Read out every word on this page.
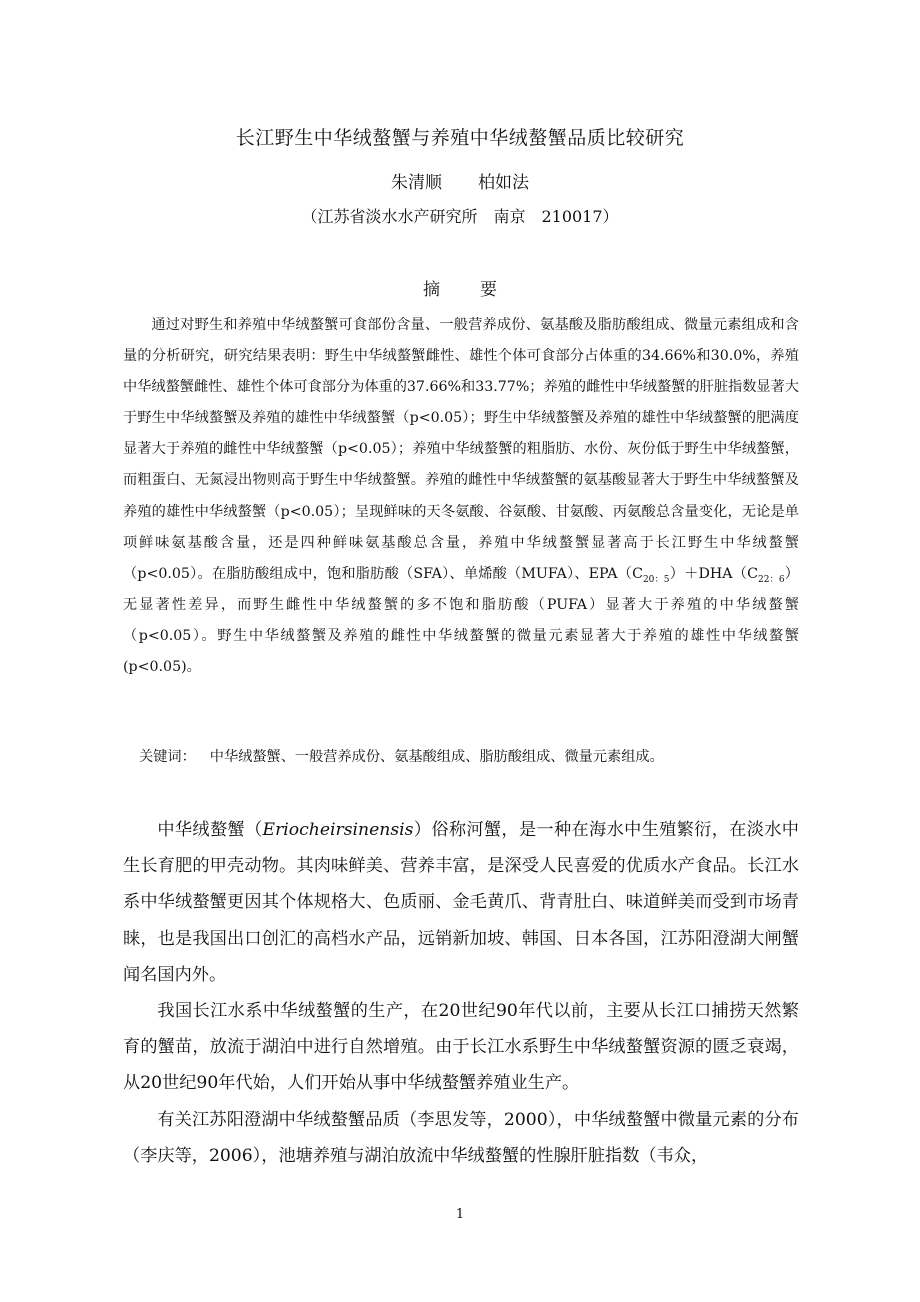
长江野生中华绒螯蟹与养殖中华绒螯蟹品质比较研究
朱清顺 柏如法
（江苏省淡水水产研究所　南京　210017）
摘要

通过对野生和养殖中华绒螯蟹可食部份含量、一般营养成份、氨基酸及脂肪酸组成、微量元素组成和含量的分析研究，研究结果表明：野生中华绒螯蟹雌性、雄性个体可食部分占体重的34.66%和30.0%，养殖中华绒螯蟹雌性、雄性个体可食部分为体重的37.66%和33.77%；养殖的雌性中华绒螯蟹的肝脏指数显著大于野生中华绒螯蟹及养殖的雄性中华绒螯蟹（p<0.05）；野生中华绒螯蟹及养殖的雄性中华绒螯蟹的肥满度显著大于养殖的雌性中华绒螯蟹（p<0.05）；养殖中华绒螯蟹的粗脂肪、水份、灰份低于野生中华绒螯蟹，而粗蛋白、无氮浸出物则高于野生中华绒螯蟹。养殖的雌性中华绒螯蟹的氨基酸显著大于野生中华绒螯蟹及养殖的雄性中华绒螯蟹（p<0.05）；呈现鲜味的天冬氨酸、谷氨酸、甘氨酸、丙氨酸总含量变化，无论是单项鲜味氨基酸含量，还是四种鲜味氨基酸总含量，养殖中华绒螯蟹显著高于长江野生中华绒螯蟹（p<0.05）。在脂肪酸组成中，饱和脂肪酸（SFA）、单烯酸（MUFA）、$EPA(C_{20:5})+DHA(C_{22:6})$无显著性差异，而野生雌性中华绒螯蟹的多不饱和脂肪酸（PUFA）显著大于养殖的中华绒螯蟹（p<0.05）。野生中华绒螯蟹及养殖的雌性中华绒螯蟹的微量元素显著大于养殖的雄性中华绒螯蟹(p<0.05)。

关键词： 中华绒螯蟹、一般营养成份、氨基酸组成、脂肪酸组成、微量元素组成。

中华绒螯蟹（Eriocheirsinensis）俗称河蟹，是一种在海水中生殖繁衍，在淡水中生长育肥的甲壳动物。其肉味鲜美、营养丰富，是深受人民喜爱的优质水产食品。长江水系中华绒螯蟹更因其个体规格大、色质丽、金毛黄爪、背青肚白、味道鲜美而受到市场青睐，也是我国出口创汇的高档水产品，远销新加坡、韩国、日本各国，江苏阳澄湖大闸蟹闻名国内外。

我国长江水系中华绒螯蟹的生产，在20世纪90年代以前，主要从长江口捕捞天然繁育的蟹苗，放流于湖泊中进行自然增殖。由于长江水系野生中华绒螯蟹资源的匮乏衰竭，从20世纪90年代始，人们开始从事中华绒螯蟹养殖业生产。

有关江苏阳澄湖中华绒螯蟹品质（李思发等，2000），中华绒螯蟹中微量元素的分布（李庆等，2006），池塘养殖与湖泊放流中华绒螯蟹的性腺肝脏指数（韦众，

1
